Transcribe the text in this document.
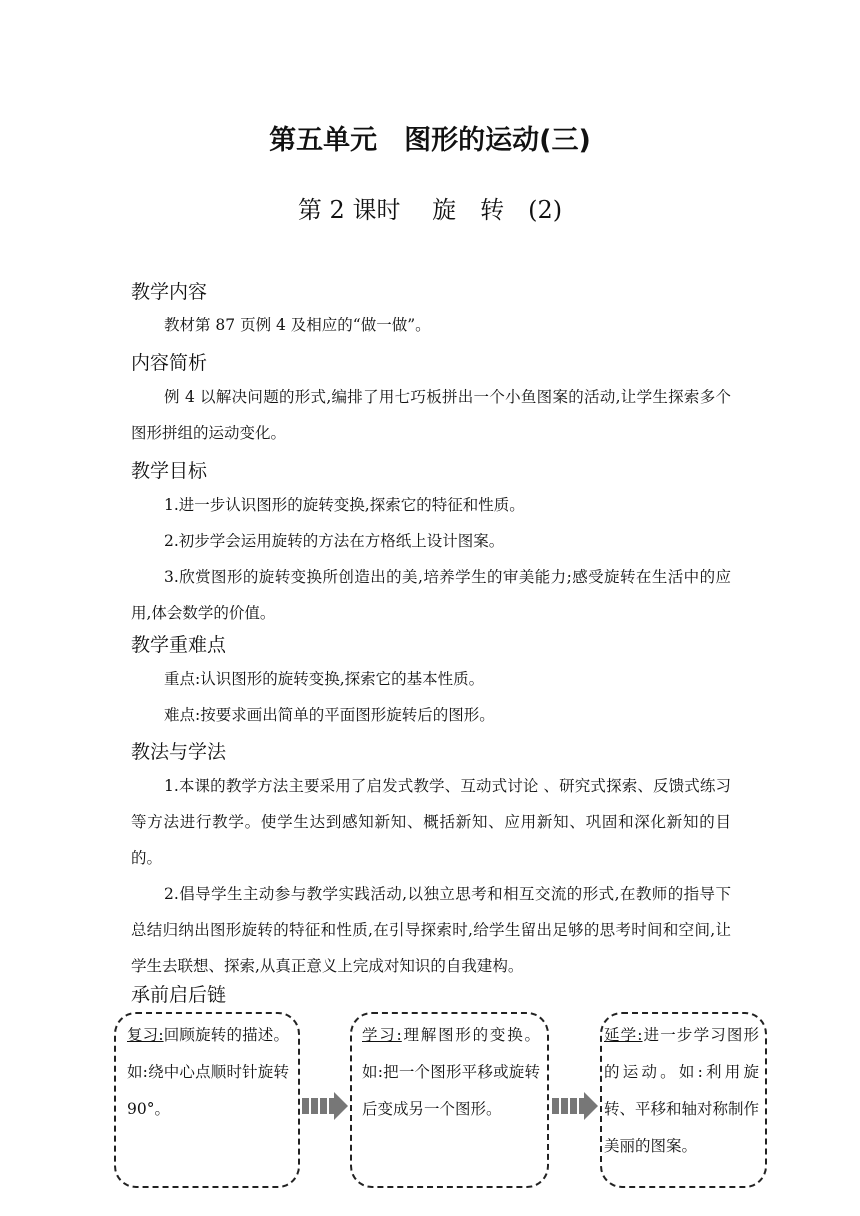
第五单元　图形的运动(三)
第 2 课时　 旋　转　(2)
教学内容
教材第 87 页例 4 及相应的“做一做”。
内容简析
例 4 以解决问题的形式,编排了用七巧板拼出一个小鱼图案的活动,让学生探索多个图形拼组的运动变化。
教学目标
1.进一步认识图形的旋转变换,探索它的特征和性质。
2.初步学会运用旋转的方法在方格纸上设计图案。
3.欣赏图形的旋转变换所创造出的美,培养学生的审美能力;感受旋转在生活中的应用,体会数学的价值。
教学重难点
重点:认识图形的旋转变换,探索它的基本性质。
难点:按要求画出简单的平面图形旋转后的图形。
教法与学法
1.本课的教学方法主要采用了启发式教学、互动式讨论 、研究式探索、反馈式练习等方法进行教学。使学生达到感知新知、概括新知、应用新知、巩固和深化新知的目的。
2.倡导学生主动参与教学实践活动,以独立思考和相互交流的形式,在教师的指导下总结归纳出图形旋转的特征和性质,在引导探索时,给学生留出足够的思考时间和空间,让学生去联想、探索,从真正意义上完成对知识的自我建构。
承前启后链
复习:回顾旋转的描述。如:绕中心点顺时针旋转 90°。
学习:理解图形的变换。如:把一个图形平移或旋转后变成另一个图形。
延学:进一步学习图形的运动。如:利用旋转、平移和轴对称制作美丽的图案。
